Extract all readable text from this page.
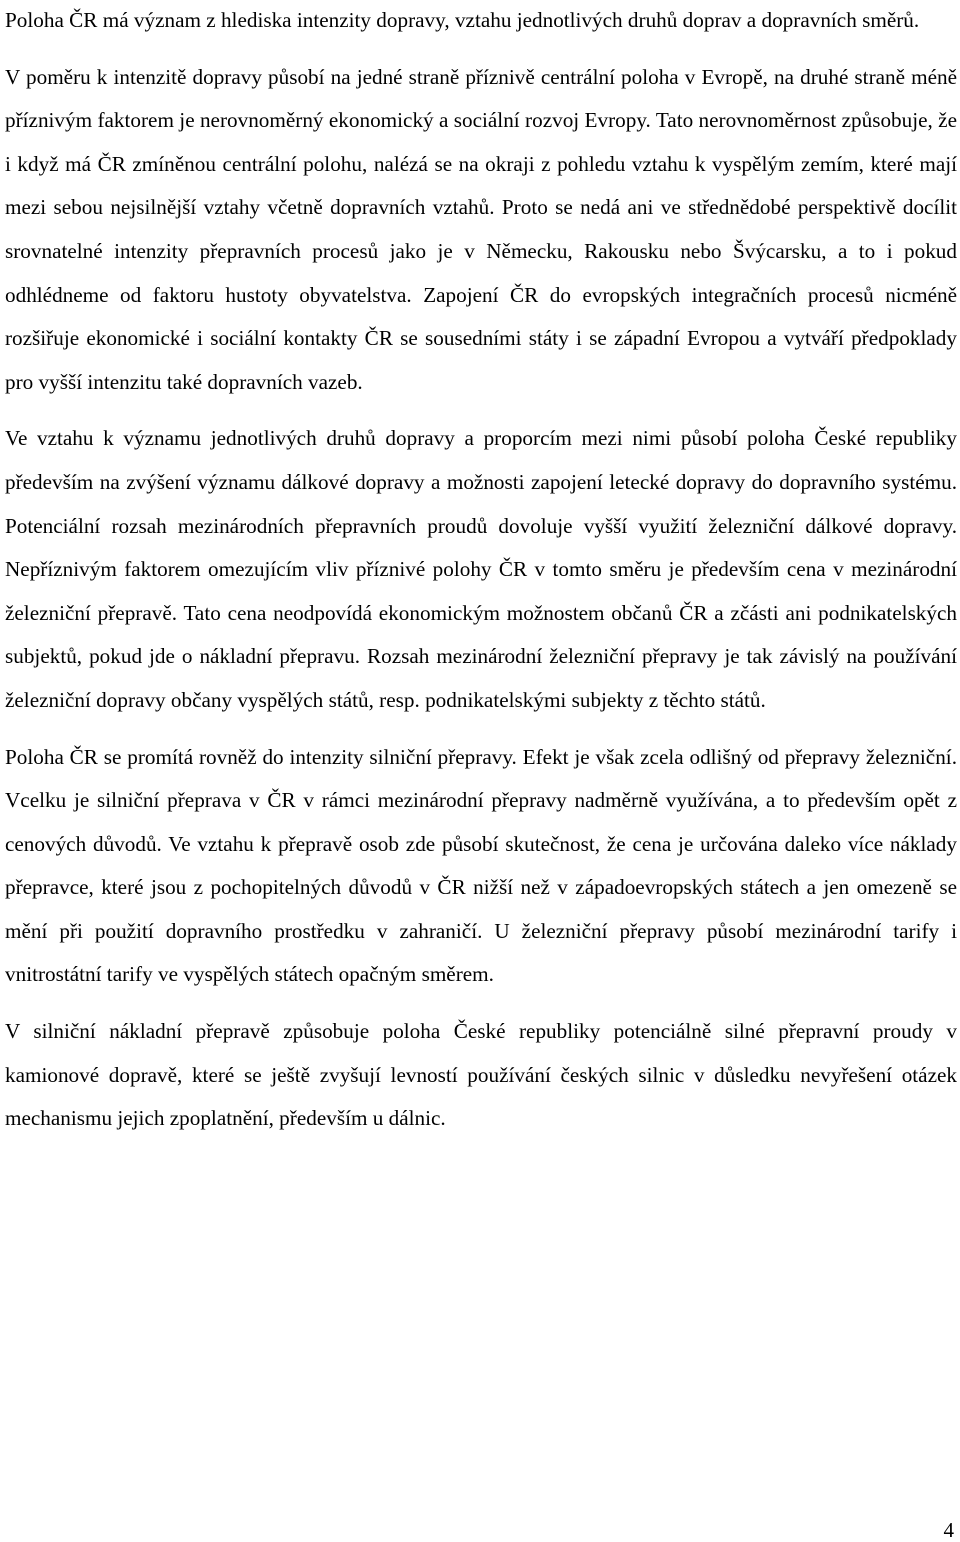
Poloha ČR má význam z hlediska intenzity dopravy, vztahu jednotlivých druhů doprav a dopravních směrů.

V poměru k intenzitě dopravy působí na jedné straně příznivě centrální poloha v Evropě, na druhé straně méně příznivým faktorem je nerovnoměrný ekonomický a sociální rozvoj Evropy. Tato nerovnoměrnost způsobuje, že i když má ČR zmíněnou centrální polohu, nalézá se na okraji z pohledu vztahu k vyspělým zemím, které mají mezi sebou nejsilnější vztahy včetně dopravních vztahů. Proto se nedá ani ve střednědobé perspektivě docílit srovnatelné intenzity přepravních procesů jako je v Německu, Rakousku nebo Švýcarsku, a to i pokud odhlédneme od faktoru hustoty obyvatelstva. Zapojení ČR do evropských integračních procesů nicméně rozšiřuje ekonomické i sociální kontakty ČR se sousedními státy i se západní Evropou a vytváří předpoklady pro vyšší intenzitu také dopravních vazeb.

Ve vztahu k významu jednotlivých druhů dopravy a proporcím mezi nimi působí poloha České republiky především na zvýšení významu dálkové dopravy a možnosti zapojení letecké dopravy do dopravního systému. Potenciální rozsah mezinárodních přepravních proudů dovoluje vyšší využití železniční dálkové dopravy. Nepříznivým faktorem omezujícím vliv příznivé polohy ČR v tomto směru je především cena v mezinárodní železniční přepravě. Tato cena neodpovídá ekonomickým možnostem občanů ČR a zčásti ani podnikatelských subjektů, pokud jde o nákladní přepravu. Rozsah mezinárodní železniční přepravy je tak závislý na používání železniční dopravy občany vyspělých států, resp. podnikatelskými subjekty z těchto států.

Poloha ČR se promítá rovněž do intenzity silniční přepravy. Efekt je však zcela odlišný od přepravy železniční. Vcelku je silniční přeprava v ČR v rámci mezinárodní přepravy nadměrně využívána, a to především opět z cenových důvodů. Ve vztahu k přepravě osob zde působí skutečnost, že cena je určována daleko více náklady přepravce, které jsou z pochopitelných důvodů v ČR nižší než v západoevropských státech a jen omezeně se mění při použití dopravního prostředku v zahraničí. U železniční přepravy působí mezinárodní tarify i vnitrostátní tarify ve vyspělých státech opačným směrem.

V silniční nákladní přepravě způsobuje poloha České republiky potenciálně silné přepravní proudy v kamionové dopravě, které se ještě zvyšují levností používání českých silnic v důsledku nevyřešení otázek mechanismu jejich zpoplatnění, především u dálnic.

4
